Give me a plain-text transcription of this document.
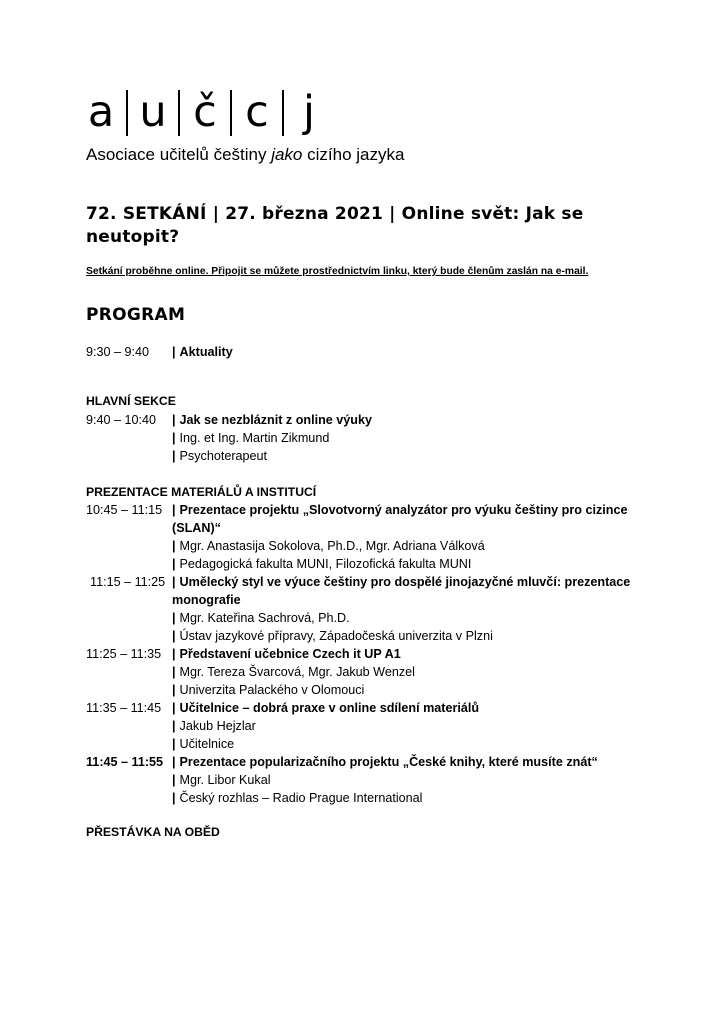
a u č c j
Asociace učitelů češtiny jako cizího jazyka
72. SETKÁNÍ | 27. března 2021 | Online svět: Jak se neutopit?
Setkání proběhne online. Připojit se můžete prostřednictvím linku, který bude členům zaslán na e-mail.
PROGRAM
9:30 – 9:40 | Aktuality
HLAVNÍ SEKCE
9:40 – 10:40 | Jak se nezbláznit z online výuky
| Ing. et Ing. Martin Zikmund
| Psychoterapeut
PREZENTACE MATERIÁLŮ A INSTITUCÍ
10:45 – 11:15 | Prezentace projektu „Slovotvorný analyzátor pro výuku češtiny pro cizince
(SLAN)“
| Mgr. Anastasija Sokolova, Ph.D., Mgr. Adriana Válková
| Pedagogická fakulta MUNI, Filozofická fakulta MUNI
11:15 – 11:25 | Umělecký styl ve výuce češtiny pro dospělé jinojazyčné mluvčí: prezentace
monografie
| Mgr. Kateřina Sachrová, Ph.D.
| Ústav jazykové přípravy, Západočeská univerzita v Plzni
11:25 – 11:35 | Představení učebnice Czech it UP A1
| Mgr. Tereza Švarcová, Mgr. Jakub Wenzel
| Univerzita Palackého v Olomouci
11:35 – 11:45 | Učitelnice – dobrá praxe v online sdílení materiálů
| Jakub Hejzlar
| Učitelnice
11:45 – 11:55 | Prezentace popularizačního projektu „České knihy, které musíte znát“
| Mgr. Libor Kukal
| Český rozhlas – Radio Prague International
PŘESTÁVKA NA OBĚD
